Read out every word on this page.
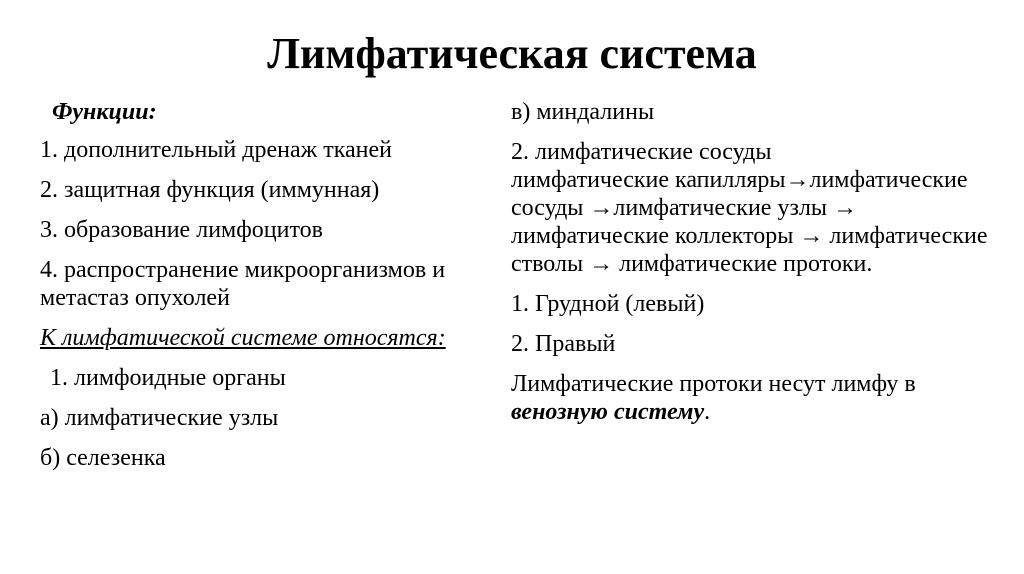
Лимфатическая система
Функции:
1. дополнительный дренаж тканей
2. защитная функция (иммунная)
3. образование лимфоцитов
4. распространение микроорганизмов и метастаз опухолей
К лимфатической системе относятся:
1. лимфоидные органы
а) лимфатические узлы
б) селезенка
в) миндалины
2. лимфатические сосуды
лимфатические капилляры→лимфатические сосуды →лимфатические узлы → лимфатические коллекторы → лимфатические стволы → лимфатические протоки.
1. Грудной (левый)
2. Правый
Лимфатические протоки несут лимфу в венозную систему.
